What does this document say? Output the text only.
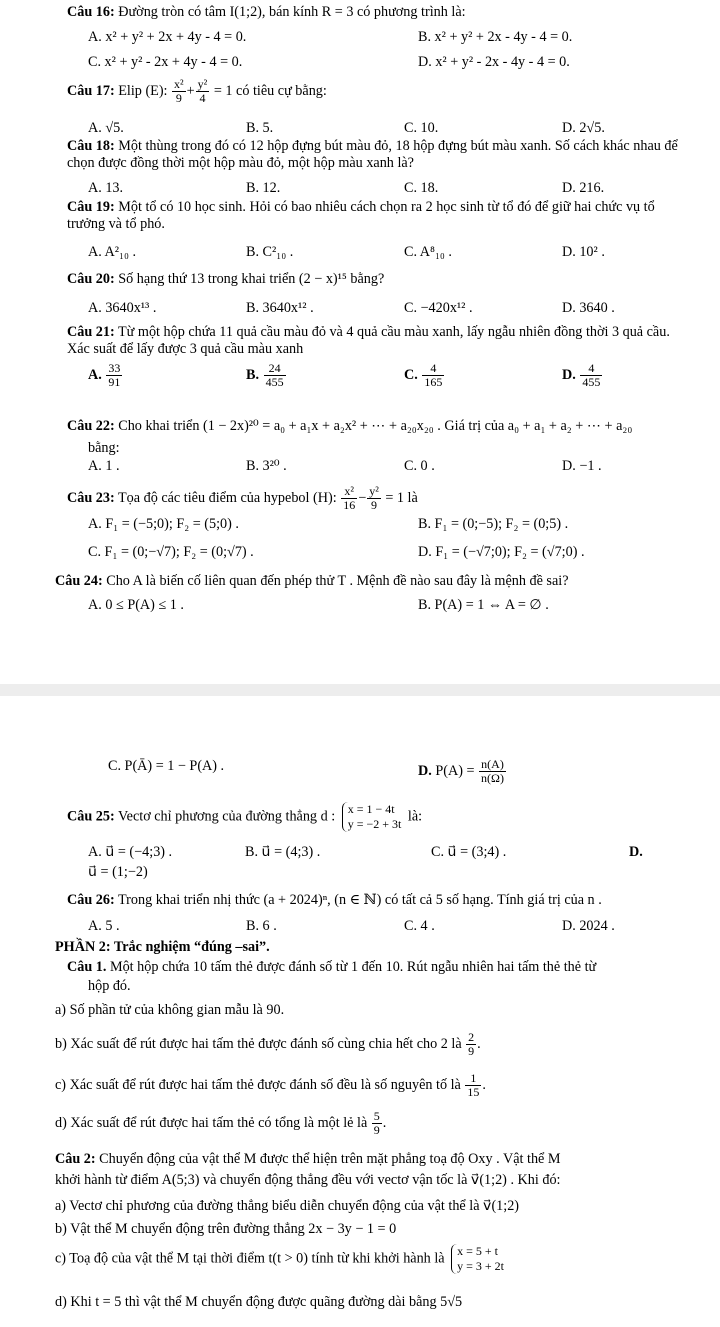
Câu 16: Đường tròn có tâm I(1;2), bán kính R = 3 có phương trình là:
A. x² + y² + 2x + 4y - 4 = 0.	B. x² + y² + 2x - 4y - 4 = 0.
C. x² + y² - 2x + 4y - 4 = 0.	D. x² + y² - 2x - 4y - 4 = 0.
Câu 17: Elip (E): $\frac{\text{x²}}{9} + \frac{\text{y²}}{4} = 1$ có tiêu cự bằng:
A. √5.	B. 5.	C. 10.	D. 2√5.
Câu 18: Một thùng trong đó có 12 hộp đựng bút màu đỏ, 18 hộp đựng bút màu xanh. Số cách khác nhau để chọn được đồng thời một hộp màu đỏ, một hộp màu xanh là?
A. 13.	B. 12.	C. 18.	D. 216.
Câu 19: Một tổ có 10 học sinh. Hỏi có bao nhiêu cách chọn ra 2 học sinh từ tổ đó để giữ hai chức vụ tổ trưởng và tổ phó.
A. A²₁₀ .	B. C²₁₀ .	C. A⁸₁₀ .	D. 10² .
Câu 20: Số hạng thứ 13 trong khai triển (2 − x)¹⁵ bằng?
A. 3640x¹³ .	B. 3640x¹² .	C. −420x¹² .	D. 3640 .
Câu 21: Từ một hộp chứa 11 quả cầu màu đỏ và 4 quả cầu màu xanh, lấy ngẫu nhiên đồng thời 3 quả cầu. Xác suất để lấy được 3 quả cầu màu xanh
A. $\frac{33}{91}$	B. $\frac{24}{455}$	C. $\frac{4}{165}$	D. $\frac{4}{455}$
Câu 22: Cho khai triển (1 − 2x)²⁰ = a₀ + a₁x + a₂x² + ⋯ + a₂₀x₂₀ . Giá trị của a₀ + a₁ + a₂ + ⋯ + a₂₀
bằng:
A. 1 .	B. 3²⁰ .	C. 0 .	D. −1 .
Câu 23: Tọa độ các tiêu điểm của hypebol (H): $\frac{\text{x²}}{16} - \frac{\text{y²}}{9} = 1$ là
A. F₁ = (−5;0); F₂ = (5;0) .	B. F₁ = (0;−5); F₂ = (0;5) .
C. F₁ = (0;−√7); F₂ = (0;√7) .	D. F₁ = (−√7;0); F₂ = (√7;0) .
Câu 24: Cho A là biến cố liên quan đến phép thử T . Mệnh đề nào sau đây là mệnh đề sai?
A. 0 ≤ P(A) ≤ 1 .	B. P(A) = 1 ⇔ A = ∅ .
C. P(Ā) = 1 − P(A) .	D. $P(A) = \frac{n(A)}{n(\Omega)}$
Câu 25: Vectơ chỉ phương của đường thẳng d : x = 1 − 4t
y = −2 + 3t là:
A. u⃗ = (−4;3) .	B. u⃗ = (4;3) .	C. u⃗ = (3;4) .	D.
u⃗ = (1;−2)
Câu 26: Trong khai triển nhị thức (a + 2024)ⁿ, (n ∈ ℕ) có tất cả 5 số hạng. Tính giá trị của n .
A. 5 .	B. 6 .	C. 4 .	D. 2024 .
PHẦN 2: Trắc nghiệm “đúng –sai”.
Câu 1. Một hộp chứa 10 tấm thẻ được đánh số từ 1 đến 10. Rút ngẫu nhiên hai tấm thẻ thẻ từ
hộp đó.
a) Số phần tử của không gian mẫu là 90.
b) Xác suất để rút được hai tấm thẻ được đánh số cùng chia hết cho 2 là $\frac{2}{9}$ .
c) Xác suất để rút được hai tấm thẻ được đánh số đều là số nguyên tố là $\frac{1}{15}$ .
d) Xác suất để rút được hai tấm thẻ có tổng là một lẻ là $\frac{5}{9}$ .
Câu 2: Chuyển động của vật thể M được thể hiện trên mặt phẳng toạ độ Oxy . Vật thể M
khởi hành từ điểm A(5;3) và chuyển động thẳng đều với vectơ vận tốc là v⃗(1;2) . Khi đó:
a) Vectơ chỉ phương của đường thẳng biểu diễn chuyển động của vật thể là v⃗(1;2)
b) Vật thể M chuyển động trên đường thẳng 2x − 3y − 1 = 0
c) Toạ độ của vật thể M tại thời điểm t(t > 0) tính từ khi khởi hành là x = 5 + t
y = 3 + 2t
d) Khi t = 5 thì vật thể M chuyển động được quãng đường dài bằng 5√5
